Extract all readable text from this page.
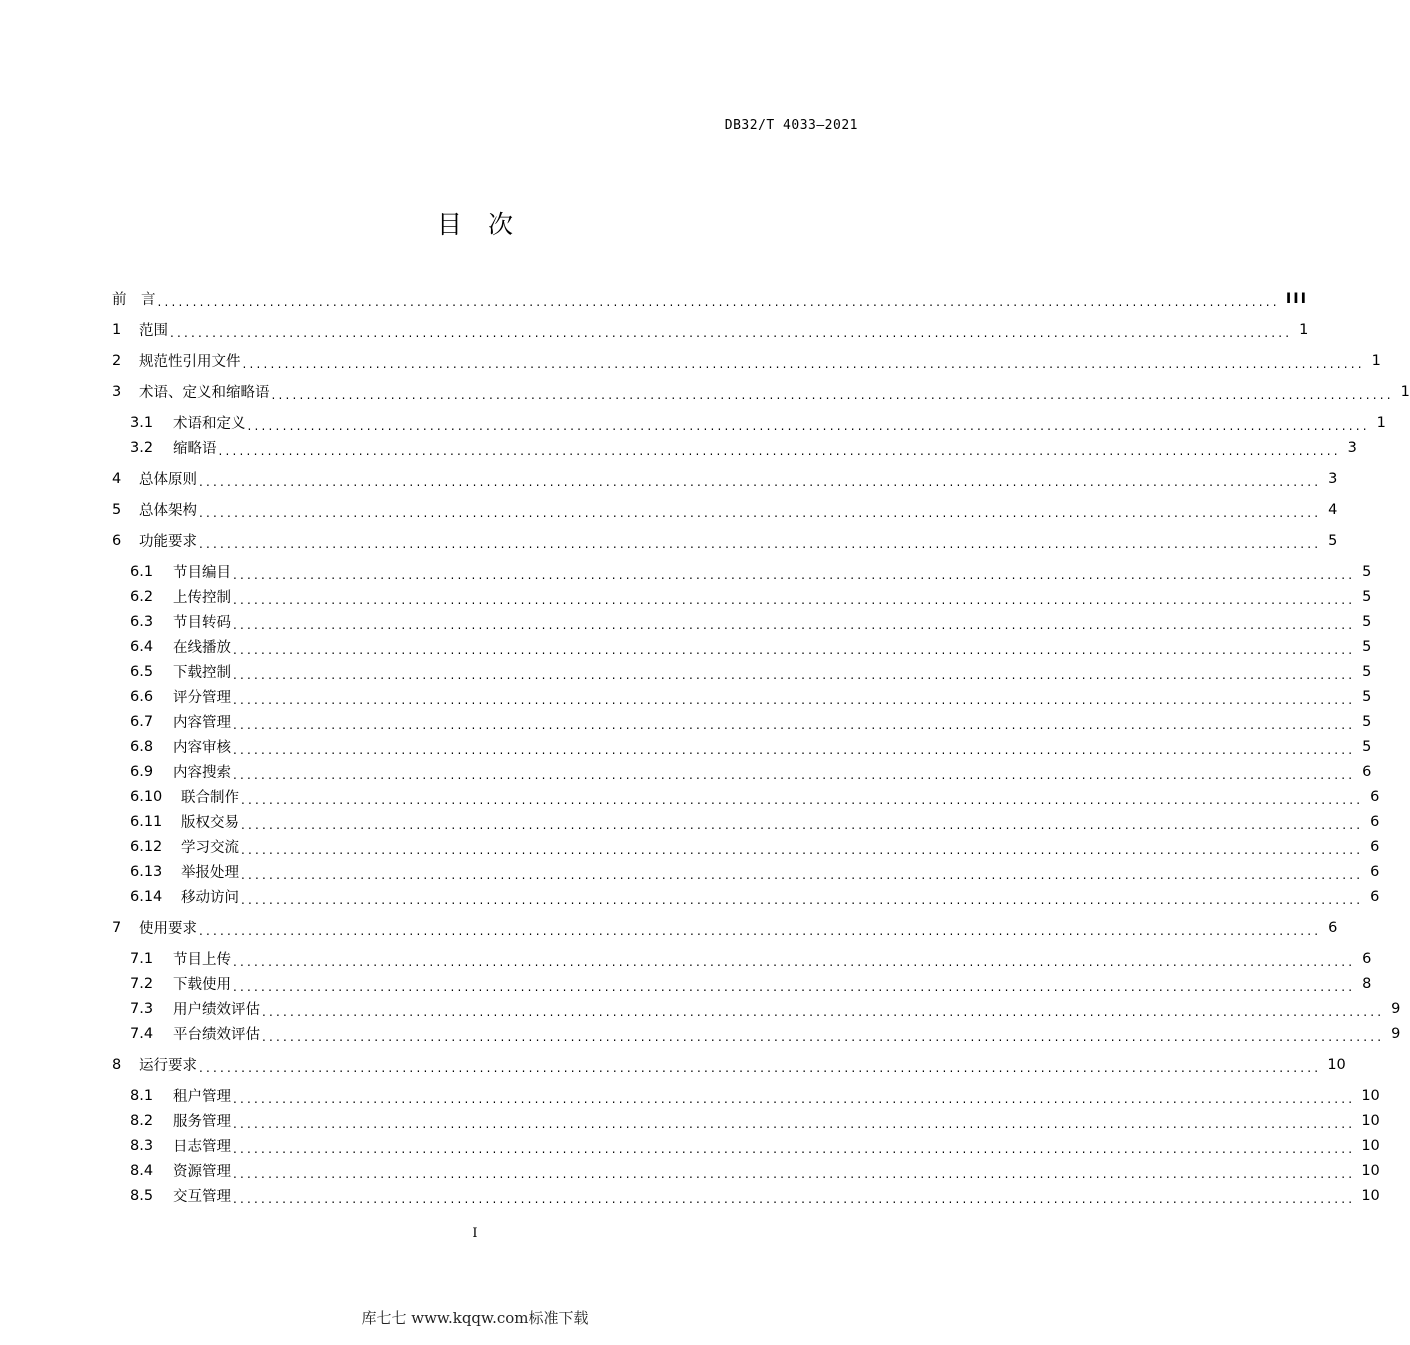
DB32/T 4033—2021
目 次
前　言 ................................................................................................................................................................ III
1	范围 ................................................................................................................................................................ 1
2	规范性引用文件 ................................................................................................................................................................ 1
3	术语、定义和缩略语 ................................................................................................................................................................ 1
3.1	术语和定义 ................................................................................................................................................................ 1
3.2	缩略语 ................................................................................................................................................................ 3
4	总体原则 ................................................................................................................................................................ 3
5	总体架构 ................................................................................................................................................................ 4
6	功能要求 ................................................................................................................................................................ 5
6.1	节目编目 ................................................................................................................................................................ 5
6.2	上传控制 ................................................................................................................................................................ 5
6.3	节目转码 ................................................................................................................................................................ 5
6.4	在线播放 ................................................................................................................................................................ 5
6.5	下载控制 ................................................................................................................................................................ 5
6.6	评分管理 ................................................................................................................................................................ 5
6.7	内容管理 ................................................................................................................................................................ 5
6.8	内容审核 ................................................................................................................................................................ 5
6.9	内容搜索 ................................................................................................................................................................ 6
6.10	联合制作 ................................................................................................................................................................ 6
6.11	版权交易 ................................................................................................................................................................ 6
6.12	学习交流 ................................................................................................................................................................ 6
6.13	举报处理 ................................................................................................................................................................ 6
6.14	移动访问 ................................................................................................................................................................ 6
7	使用要求 ................................................................................................................................................................ 6
7.1	节目上传 ................................................................................................................................................................ 6
7.2	下载使用 ................................................................................................................................................................ 8
7.3	用户绩效评估 ................................................................................................................................................................ 9
7.4	平台绩效评估 ................................................................................................................................................................ 9
8	运行要求 ................................................................................................................................................................ 10
8.1	租户管理 ................................................................................................................................................................ 10
8.2	服务管理 ................................................................................................................................................................ 10
8.3	日志管理 ................................................................................................................................................................ 10
8.4	资源管理 ................................................................................................................................................................ 10
8.5	交互管理 ................................................................................................................................................................ 10
I
库七七 www.kqqw.com标准下载
